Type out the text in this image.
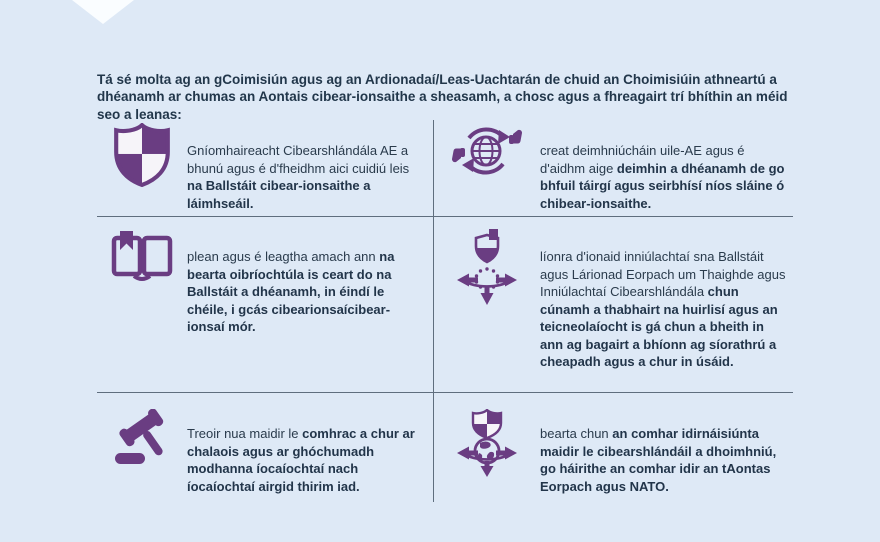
Tá sé molta ag an gCoimisiún agus ag an Ardionadaí/Leas-Uachtarán de chuid an Choimisiúin athneartú a dhéanamh ar chumas an Aontais cibear-ionsaithe a sheasamh, a chosc agus a fhreagairt trí bhíthin an méid seo a leanas:

Gníomhaireacht Cibearshlándála AE a bhunú agus é d'fheidhm aici cuidiú leis na Ballstáit cibear-ionsaithe a láimhseáil.

creat deimhniúcháin uile-AE agus é d'aidhm aige deimhin a dhéanamh de go bhfuil táirgí agus seirbhísí níos sláine ó chibear-ionsaithe.

plean agus é leagtha amach ann na bearta oibríochtúla is ceart do na Ballstáit a dhéanamh, in éindí le chéile, i gcás cibearionsaícibear-ionsaí mór.

líonra d'ionaid inniúlachtaí sna Ballstáit agus Lárionad Eorpach um Thaighde agus Inniúlachtaí Cibearshlándála chun cúnamh a thabhairt na huirlisí agus an teicneolaíocht is gá chun a bheith in ann ag bagairt a bhíonn ag síorathrú a cheapadh agus a chur in úsáid.

Treoir nua maidir le comhrac a chur ar chalaois agus ar ghóchumadh modhanna íocaíochtaí nach íocaíochtaí airgid thirim iad.

bearta chun an comhar idirnáisiúnta maidir le cibearshlándáil a dhoimhniú, go háirithe an comhar idir an tAontas Eorpach agus NATO.
